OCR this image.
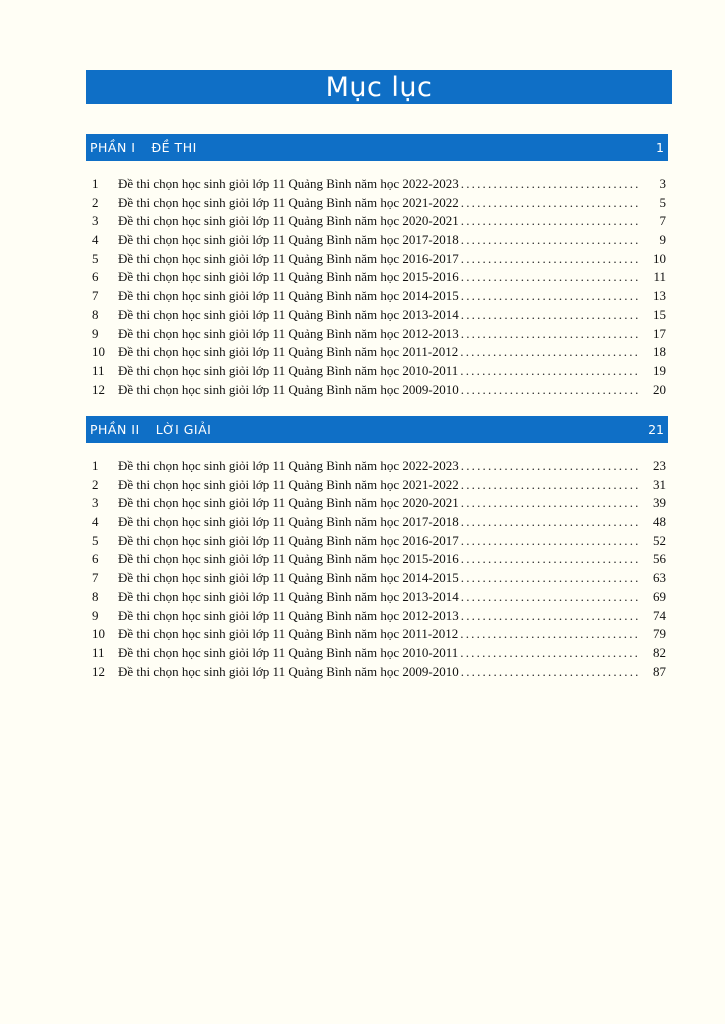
Mục lục
PHẦN I ĐỀ THI	1
1	Đề thi chọn học sinh giỏi lớp 11 Quảng Bình năm học 2022-2023 .....	3
2	Đề thi chọn học sinh giỏi lớp 11 Quảng Bình năm học 2021-2022 .....	5
3	Đề thi chọn học sinh giỏi lớp 11 Quảng Bình năm học 2020-2021 .....	7
4	Đề thi chọn học sinh giỏi lớp 11 Quảng Bình năm học 2017-2018 .....	9
5	Đề thi chọn học sinh giỏi lớp 11 Quảng Bình năm học 2016-2017 .....	10
6	Đề thi chọn học sinh giỏi lớp 11 Quảng Bình năm học 2015-2016 .....	11
7	Đề thi chọn học sinh giỏi lớp 11 Quảng Bình năm học 2014-2015 .....	13
8	Đề thi chọn học sinh giỏi lớp 11 Quảng Bình năm học 2013-2014 .....	15
9	Đề thi chọn học sinh giỏi lớp 11 Quảng Bình năm học 2012-2013 .....	17
10	Đề thi chọn học sinh giỏi lớp 11 Quảng Bình năm học 2011-2012 .....	18
11	Đề thi chọn học sinh giỏi lớp 11 Quảng Bình năm học 2010-2011 .....	19
12	Đề thi chọn học sinh giỏi lớp 11 Quảng Bình năm học 2009-2010 .....	20
PHẦN II LỜI GIẢI	21
1	Đề thi chọn học sinh giỏi lớp 11 Quảng Bình năm học 2022-2023 .....	23
2	Đề thi chọn học sinh giỏi lớp 11 Quảng Bình năm học 2021-2022 .....	31
3	Đề thi chọn học sinh giỏi lớp 11 Quảng Bình năm học 2020-2021 .....	39
4	Đề thi chọn học sinh giỏi lớp 11 Quảng Bình năm học 2017-2018 .....	48
5	Đề thi chọn học sinh giỏi lớp 11 Quảng Bình năm học 2016-2017 .....	52
6	Đề thi chọn học sinh giỏi lớp 11 Quảng Bình năm học 2015-2016 .....	56
7	Đề thi chọn học sinh giỏi lớp 11 Quảng Bình năm học 2014-2015 .....	63
8	Đề thi chọn học sinh giỏi lớp 11 Quảng Bình năm học 2013-2014 .....	69
9	Đề thi chọn học sinh giỏi lớp 11 Quảng Bình năm học 2012-2013 .....	74
10	Đề thi chọn học sinh giỏi lớp 11 Quảng Bình năm học 2011-2012 .....	79
11	Đề thi chọn học sinh giỏi lớp 11 Quảng Bình năm học 2010-2011 .....	82
12	Đề thi chọn học sinh giỏi lớp 11 Quảng Bình năm học 2009-2010 .....	87
